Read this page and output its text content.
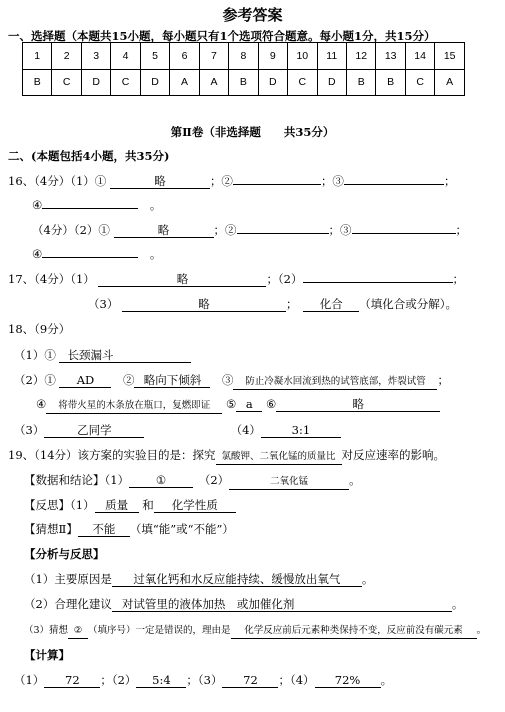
参考答案
一、选择题（本题共15小题，每小题只有1个选项符合题意。每小题1分，共15分）
1	2	3	4	5	6	7	8	9	10	11	12	13	14	15
B	C	D	C	D	A	A	B	D	C	D	B	B	C	A
第Ⅱ卷（非选择题　　共35分）
二、(本题包括4小题，共35分)
16、（4分）（1）①	略	；②	；③	；
④　	。
（4分）（2）①	略	；②	；③	；
④　	。
17、（4分）（1）	略	；（2）	；
（3）	略	；　 化合 （填化合或分解）。
18、（9分）
（1）① 长颈漏斗
（2）① AD　 ② 略向下倾斜　 ③ 防止冷凝水回流到热的试管底部，炸裂试管 ；
④ 将带火星的木条放在瓶口，复燃即证 ⑤ a ⑥	略
（3）	乙同学　　　　　　　　	（4）	3:1
19、（14分）该方案的实验目的是：探究 氯酸钾、二氧化锰的质量比 对反应速率的影响。
【数据和结论】（1） ①　	（2）	二氧化锰	。
【反思】（1） 质量 和 化学性质
【猜想Ⅱ】 不能 （填“能”或“不能”）
【分析与反思】
（1）主要原因是 过氧化钙和水反应能持续、缓慢放出氧气 。
（2）合理化建议 对试管里的液体加热　或加催化剂	。
（3）猜想 ② （填序号）一定是错误的，理由是 化学反应前后元素种类保持不变，反应前没有碳元素 。
【计算】
（1） 72 ；（2） 5:4 ；（3） 72 ；（4） 72% 。
